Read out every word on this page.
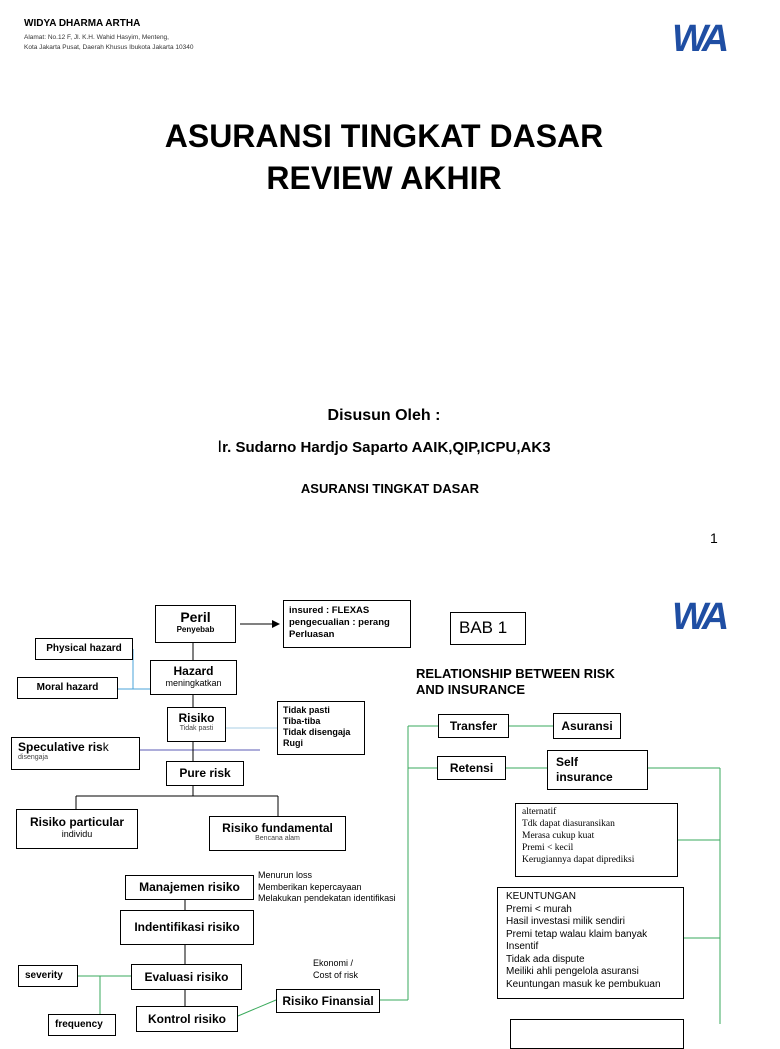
WIDYA DHARMA ARTHA
Alamat: No.12 F, Jl. K.H. Wahid Hasyim, Menteng,
Kota Jakarta Pusat, Daerah Khusus Ibukota Jakarta 10340	WA
ASURANSI TINGKAT DASAR
REVIEW AKHIR
Disusun Oleh :
Ir. Sudarno Hardjo Saparto AAIK,QIP,ICPU,AK3
ASURANSI TINGKAT DASAR
1
WA
Peril
Penyebab
insured : FLEXAS
pengecualian : perang
Perluasan	BAB 1
Physical hazard
Moral hazard
Hazard
meningkatkan
RELATIONSHIP BETWEEN RISK
AND INSURANCE
Risiko
Tidak pasti
Tidak pasti
Tiba-tiba
Tidak disengaja
Rugi
Speculative risk
disengaja
Pure risk
Transfer	Asuransi
Retensi	Self
insurance
Risiko particular
individu	Risiko fundamental
Bencana alam
alternatif
Tdk dapat diasuransikan
Merasa cukup kuat
Premi < kecil
Kerugiannya dapat diprediksi
Menurun loss
Memberikan kepercayaan
Melakukan pendekatan identifikasi
Manajemen risiko
KEUNTUNGAN
Premi < murah
Hasil investasi milik sendiri
Premi tetap walau klaim banyak
Insentif
Tidak ada dispute
Meiliki ahli pengelola asuransi
Keuntungan masuk ke pembukuan
Indentifikasi risiko
Ekonomi /
Cost of risk
severity	Evaluasi risiko
Risiko Finansial
Kontrol risiko
frequency
